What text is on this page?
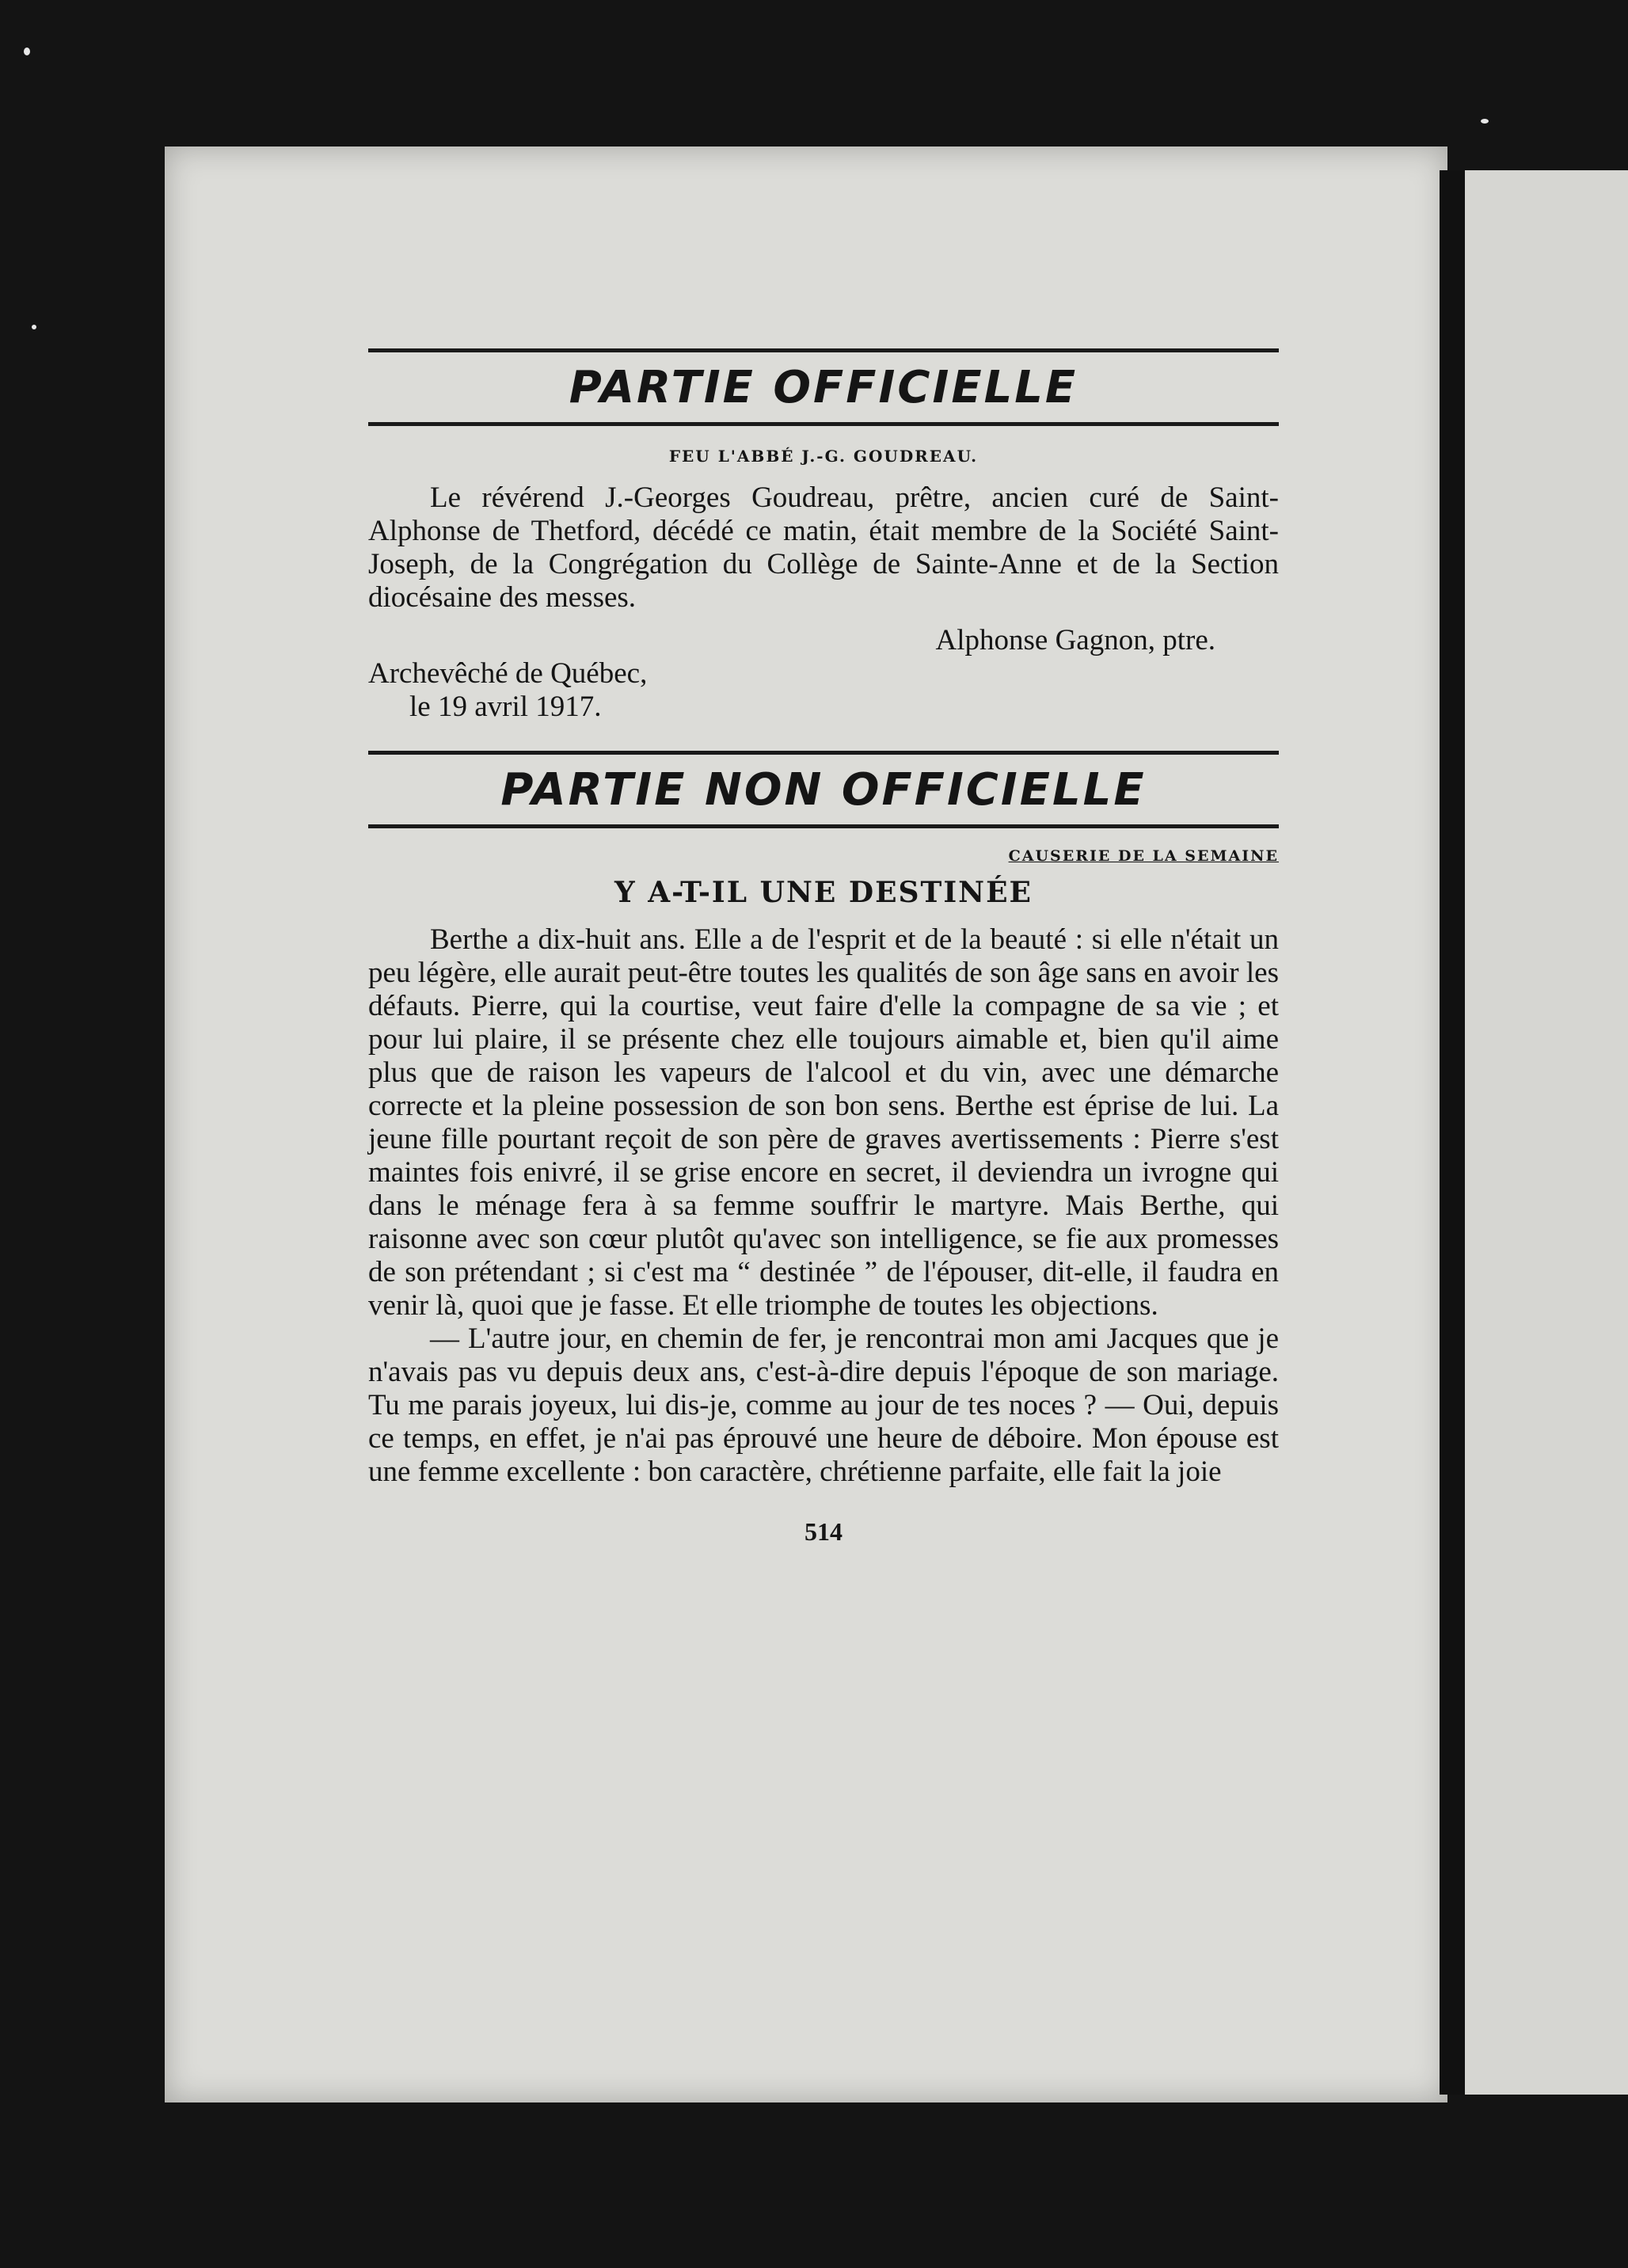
PARTIE OFFICIELLE
FEU L'ABBÉ J.-G. GOUDREAU.

Le révérend J.-Georges Goudreau, prêtre, ancien curé de Saint-Alphonse de Thetford, décédé ce matin, était membre de la Société Saint-Joseph, de la Congrégation du Collège de Sainte-Anne et de la Section diocésaine des messes.

Alphonse Gagnon, ptre.
Archevêché de Québec,
le 19 avril 1917.
PARTIE NON OFFICIELLE
CAUSERIE DE LA SEMAINE
Y A-T-IL UNE DESTINÉE

Berthe a dix-huit ans. Elle a de l'esprit et de la beauté : si elle n'était un peu légère, elle aurait peut-être toutes les qualités de son âge sans en avoir les défauts. Pierre, qui la courtise, veut faire d'elle la compagne de sa vie ; et pour lui plaire, il se présente chez elle toujours aimable et, bien qu'il aime plus que de raison les vapeurs de l'alcool et du vin, avec une démarche correcte et la pleine possession de son bon sens. Berthe est éprise de lui. La jeune fille pourtant reçoit de son père de graves avertissements : Pierre s'est maintes fois enivré, il se grise encore en secret, il deviendra un ivrogne qui dans le ménage fera à sa femme souffrir le martyre. Mais Berthe, qui raisonne avec son cœur plutôt qu'avec son intelligence, se fie aux promesses de son prétendant ; si c'est ma “ destinée ” de l'épouser, dit-elle, il faudra en venir là, quoi que je fasse. Et elle triomphe de toutes les objections.

— L'autre jour, en chemin de fer, je rencontrai mon ami Jacques que je n'avais pas vu depuis deux ans, c'est-à-dire depuis l'époque de son mariage. Tu me parais joyeux, lui dis-je, comme au jour de tes noces ? — Oui, depuis ce temps, en effet, je n'ai pas éprouvé une heure de déboire. Mon épouse est une femme excellente : bon caractère, chrétienne parfaite, elle fait la joie

514
